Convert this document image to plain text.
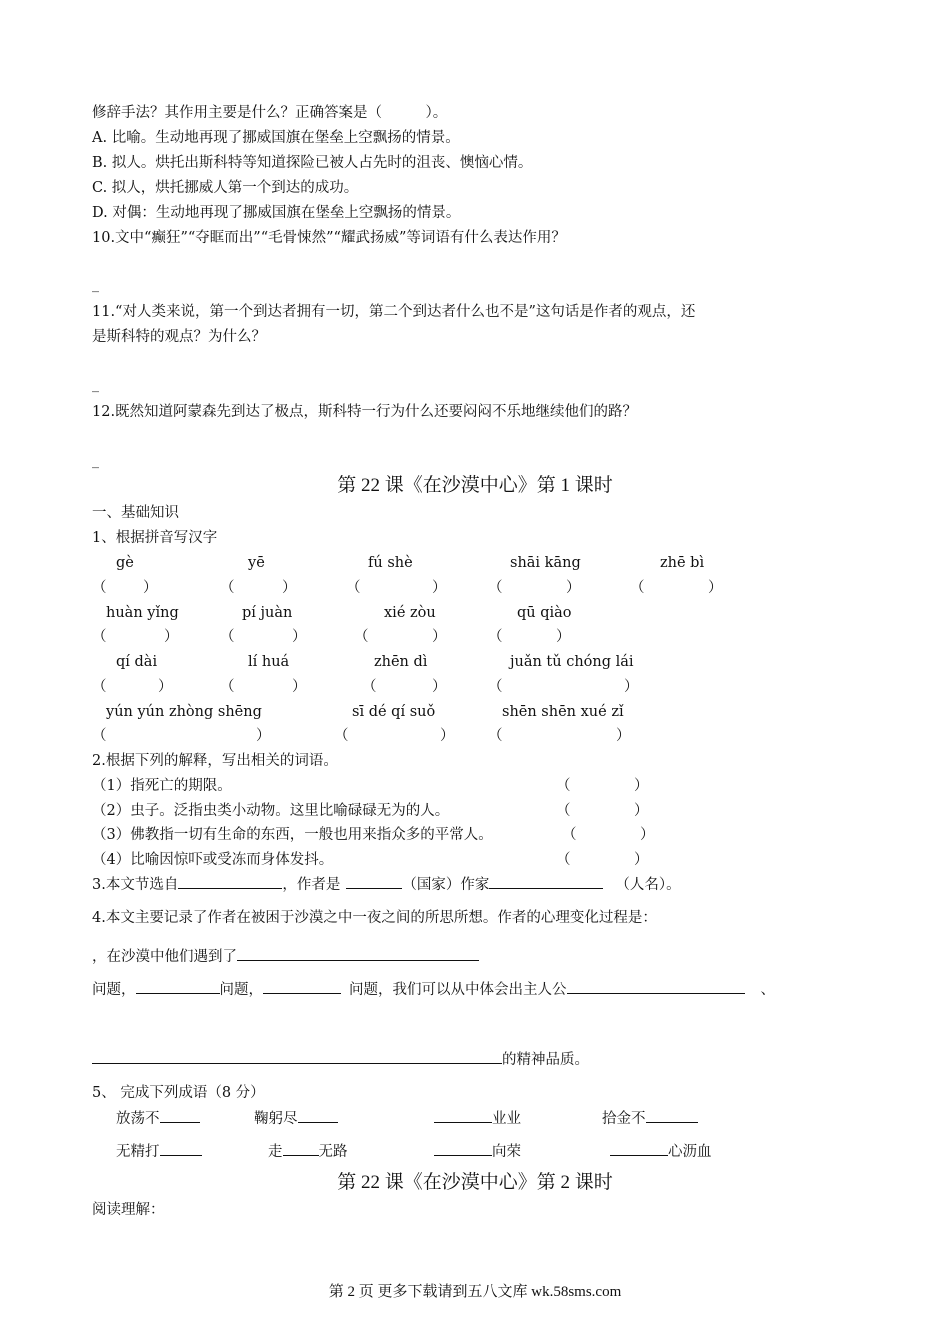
修辞手法？其作用主要是什么？正确答案是（　　　）。
A. 比喻。生动地再现了挪威国旗在堡垒上空飘扬的情景。
B. 拟人。烘托出斯科特等知道探险已被人占先时的沮丧、懊恼心情。
C. 拟人，烘托挪威人第一个到达的成功。
D. 对偶：生动地再现了挪威国旗在堡垒上空飘扬的情景。
10.文中“癫狂”“夺眶而出”“毛骨悚然”“耀武扬威”等词语有什么表达作用？
_
11.“对人类来说，第一个到达者拥有一切，第二个到达者什么也不是”这句话是作者的观点，还
是斯科特的观点？为什么？
_
12.既然知道阿蒙森先到达了极点，斯科特一行为什么还要闷闷不乐地继续他们的路？
_
第 22 课《在沙漠中心》第 1 课时
一、基础知识
1、根据拼音写汉字
gè	yē	fú shè	shāi kāng	zhē bì
（	）	（	）	（	）	（	）	（	）
huàn yǐng	pí juàn	xié zòu	qū qiào
（	）	（	）	（	）	（	）
qí dài	lí huá	zhēn dì	juǎn tǔ chóng lái
（	）	（	）	（	）	（	）
yún yún zhòng shēng	sī dé qí suǒ	shēn shēn xué zǐ
（	）	（	） （	）
2.根据下列的解释，写出相关的词语。
（1）指死亡的期限。	（	）
（2）虫子。泛指虫类小动物。这里比喻碌碌无为的人。	（	）
（3）佛教指一切有生命的东西，一般也用来指众多的平常人。	（	）
（4）比喻因惊吓或受冻而身体发抖。	（	）
3.本文节选自	，作者是	（国家）作家	（人名）。
4.本文主要记录了作者在被困于沙漠之中一夜之间的所思所想。作者的心理变化过程是：
，在沙漠中他们遇到了
问题，	问题，	问题，我们可以从中体会出主人公	、
的精神品质。
5、 完成下列成语（8 分）
放荡不	鞠躬尽	业业	拾金不
无精打	走 无路	向荣	心沥血
第 22 课《在沙漠中心》第 2 课时
阅读理解：
第 2 页 更多下载请到五八文库 wk.58sms.com
